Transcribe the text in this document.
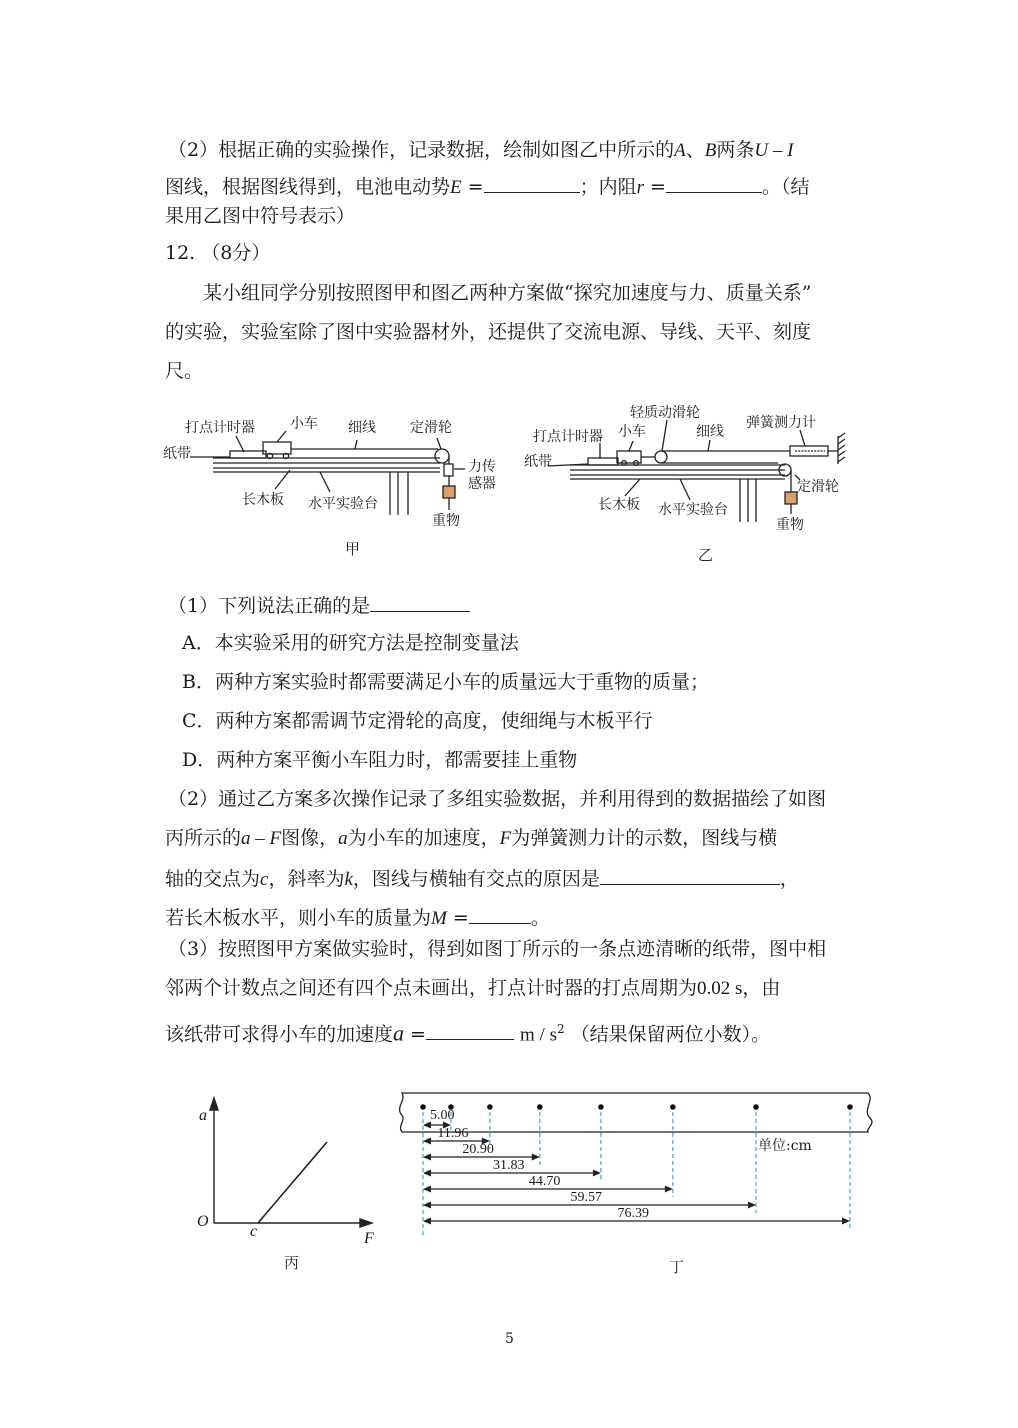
（2）根据正确的实验操作，记录数据，绘制如图乙中所示的A、B两条U – I
图线，根据图线得到，电池电动势E =	；内阻r =	。（结
果用乙图中符号表示）
12. （8分）
某小组同学分别按照图甲和图乙两种方案做“探究加速度与力、质量关系”
的实验，实验室除了图中实验器材外，还提供了交流电源、导线、天平、刻度
尺。
打点计时器	小车 细线 定滑轮
纸带
力传
感器
长木板 水平实验台
重物
甲
轻质动滑轮
弹簧测力计
打点计时器 小车	细线
纸带
定滑轮
长木板 水平实验台
重物
乙
（1）下列说法正确的是
A．本实验采用的研究方法是控制变量法
B．两种方案实验时都需要满足小车的质量远大于重物的质量；
C．两种方案都需调节定滑轮的高度，使细绳与木板平行
D．两种方案平衡小车阻力时，都需要挂上重物
（2）通过乙方案多次操作记录了多组实验数据，并利用得到的数据描绘了如图
丙所示的a – F图像，a为小车的加速度，F为弹簧测力计的示数，图线与横
轴的交点为c，斜率为k，图线与横轴有交点的原因是	，
若长木板水平，则小车的质量为M =	。
（3）按照图甲方案做实验时，得到如图丁所示的一条点迹清晰的纸带，图中相
邻两个计数点之间还有四个点未画出，打点计时器的打点周期为0.02 s，由
该纸带可求得小车的加速度a =	m / $s^2$ （结果保留两位小数）。
a
O
c	F
丙
单位:cm
5.00
11.96
20.90
31.83
44.70
59.57
76.39
丁
5
